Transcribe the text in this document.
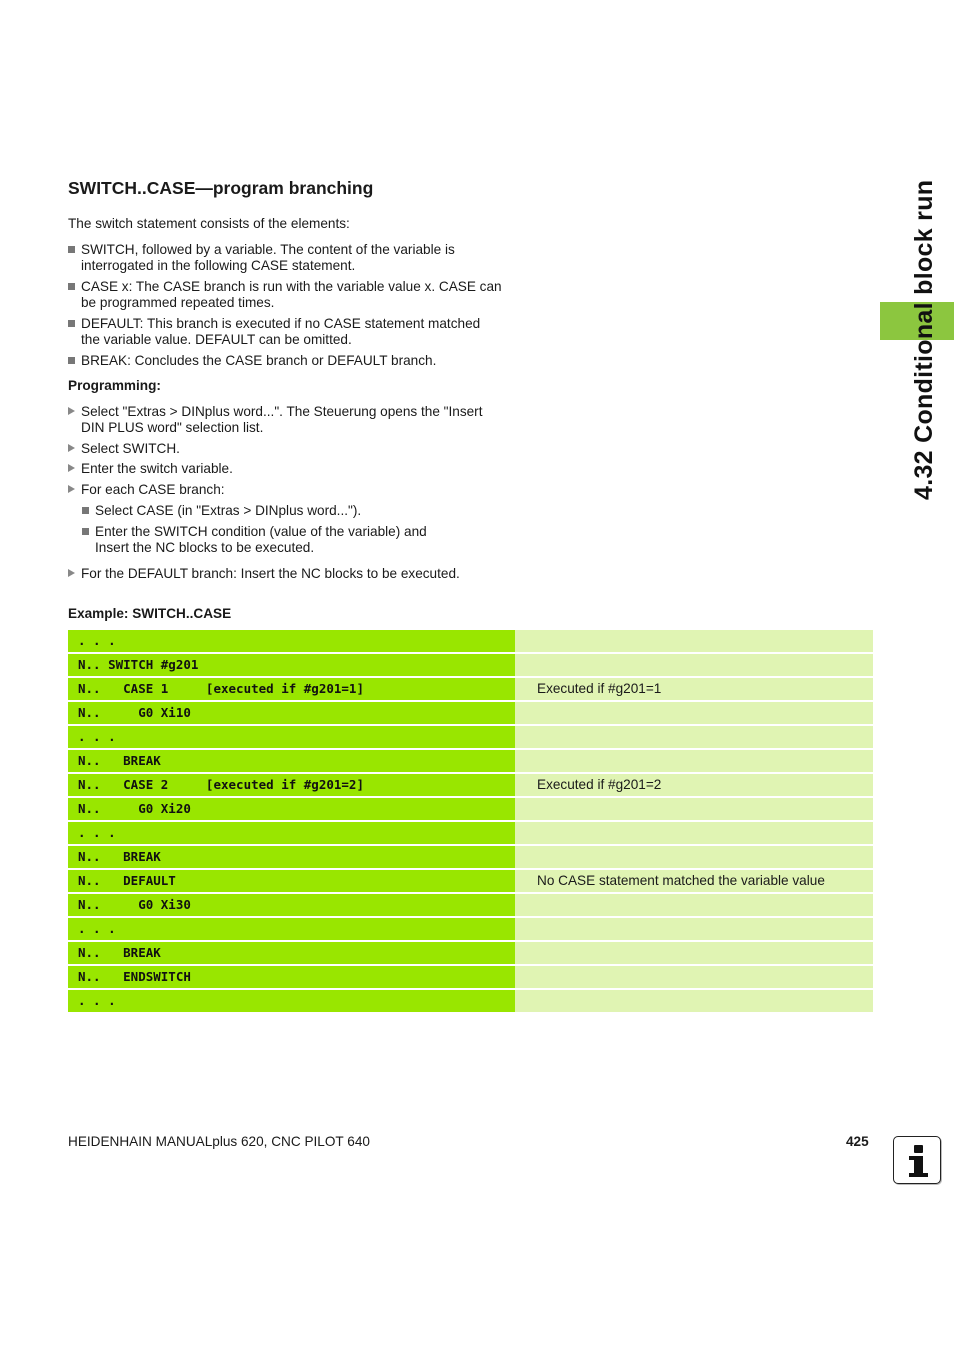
SWITCH..CASE—program branching

The switch statement consists of the elements:

SWITCH, followed by a variable. The content of the variable is
interrogated in the following CASE statement.
CASE x: The CASE branch is run with the variable value x. CASE can
be programmed repeated times.
DEFAULT: This branch is executed if no CASE statement matched
the variable value. DEFAULT can be omitted.
BREAK: Concludes the CASE branch or DEFAULT branch.

Programming:

Select "Extras > DINplus word...". The Steuerung opens the "Insert
DIN PLUS word" selection list.
Select SWITCH.
Enter the switch variable.
For each CASE branch:
Select CASE (in "Extras > DINplus word...").
Enter the SWITCH condition (value of the variable) and
Insert the NC blocks to be executed.
For the DEFAULT branch: Insert the NC blocks to be executed.

Example: SWITCH..CASE

. . .
N.. SWITCH #g201
N..   CASE 1     [executed if #g201=1]	Executed if #g201=1
N..     G0 Xi10
. . .
N..   BREAK
N..   CASE 2     [executed if #g201=2]	Executed if #g201=2
N..     G0 Xi20
. . .
N..   BREAK
N..   DEFAULT	No CASE statement matched the variable value
N..     G0 Xi30
. . .
N..   BREAK
N..   ENDSWITCH
. . .
4.32 Conditional block run
HEIDENHAIN MANUALplus 620, CNC PILOT 640	425
